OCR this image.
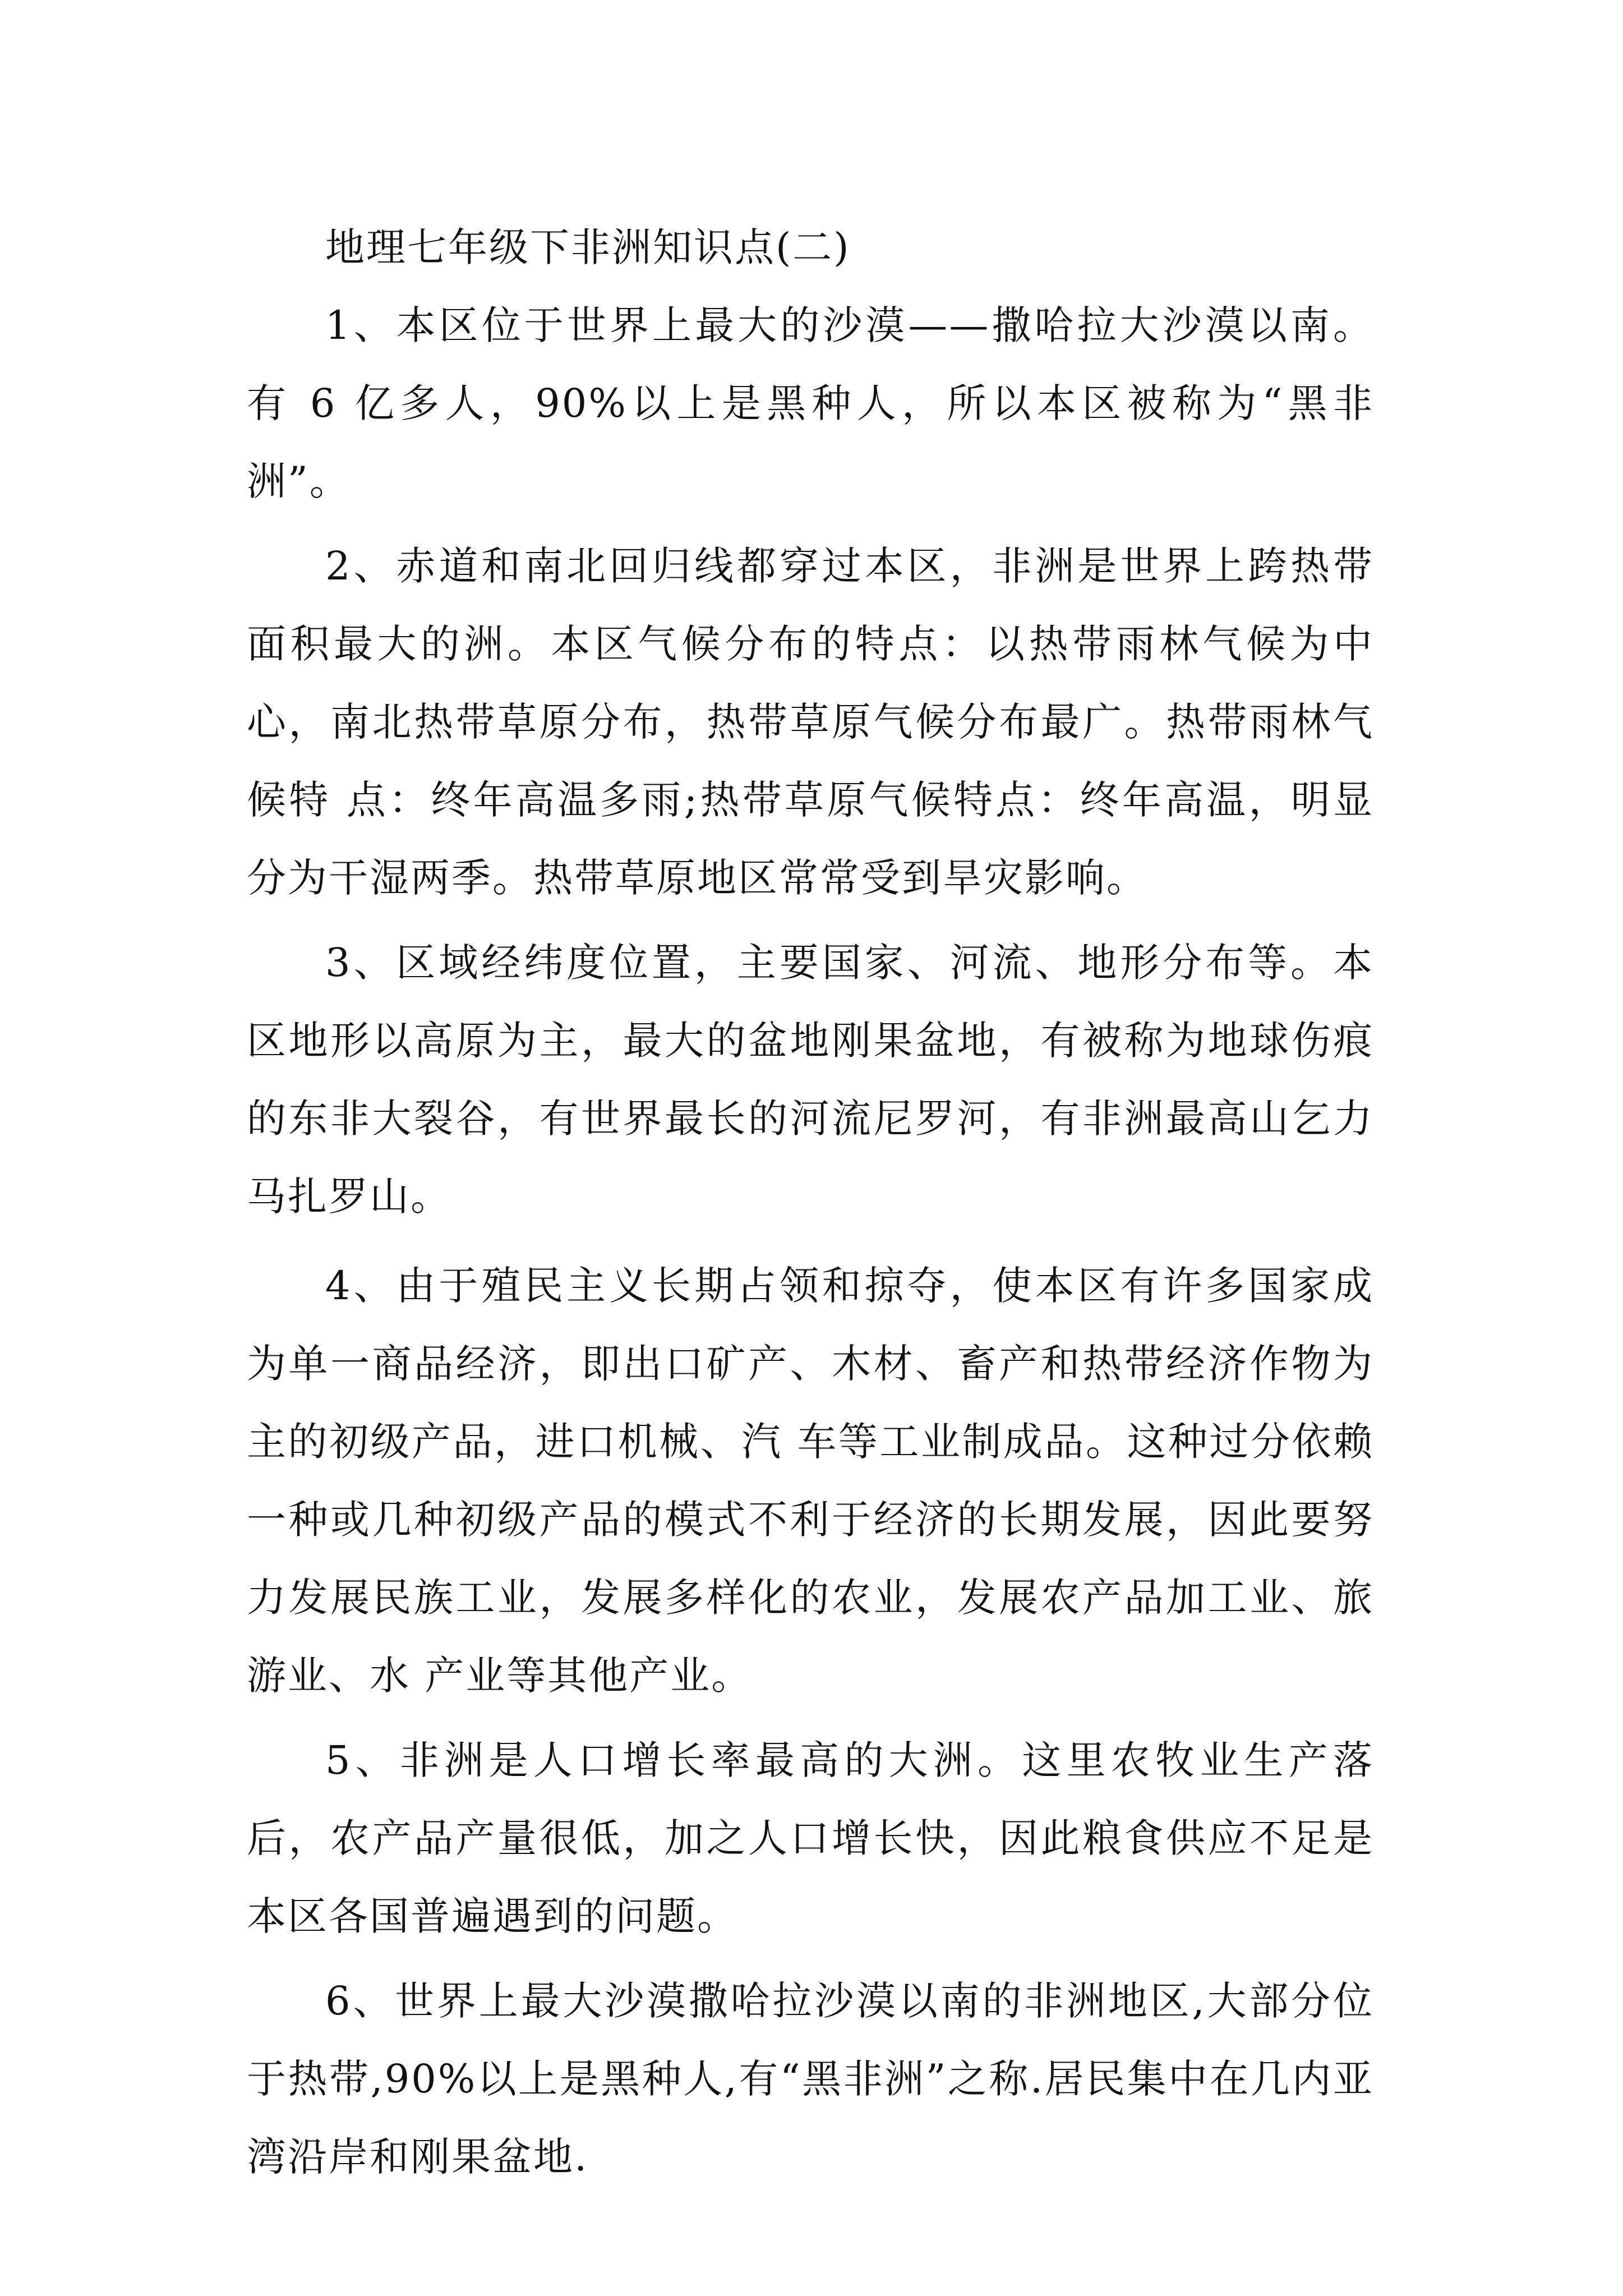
地理七年级下非洲知识点(二)

1、本区位于世界上最大的沙漠——撒哈拉大沙漠以南。有 6 亿多人，90%以上是黑种人，所以本区被称为“黑非洲”。

2、赤道和南北回归线都穿过本区，非洲是世界上跨热带面积最大的洲。本区气候分布的特点：以热带雨林气候为中心，南北热带草原分布，热带草原气候分布最广。热带雨林气候特 点：终年高温多雨;热带草原气候特点：终年高温，明显分为干湿两季。热带草原地区常常受到旱灾影响。

3、区域经纬度位置，主要国家、河流、地形分布等。本区地形以高原为主，最大的盆地刚果盆地，有被称为地球伤痕的东非大裂谷，有世界最长的河流尼罗河，有非洲最高山乞力马扎罗山。

4、由于殖民主义长期占领和掠夺，使本区有许多国家成为单一商品经济，即出口矿产、木材、畜产和热带经济作物为主的初级产品，进口机械、汽 车等工业制成品。这种过分依赖一种或几种初级产品的模式不利于经济的长期发展，因此要努力发展民族工业，发展多样化的农业，发展农产品加工业、旅游业、水 产业等其他产业。

5、非洲是人口增长率最高的大洲。这里农牧业生产落后，农产品产量很低，加之人口增长快，因此粮食供应不足是本区各国普遍遇到的问题。

6、世界上最大沙漠撒哈拉沙漠以南的非洲地区,大部分位于热带,90%以上是黑种人,有“黑非洲”之称.居民集中在几内亚湾沿岸和刚果盆地.
